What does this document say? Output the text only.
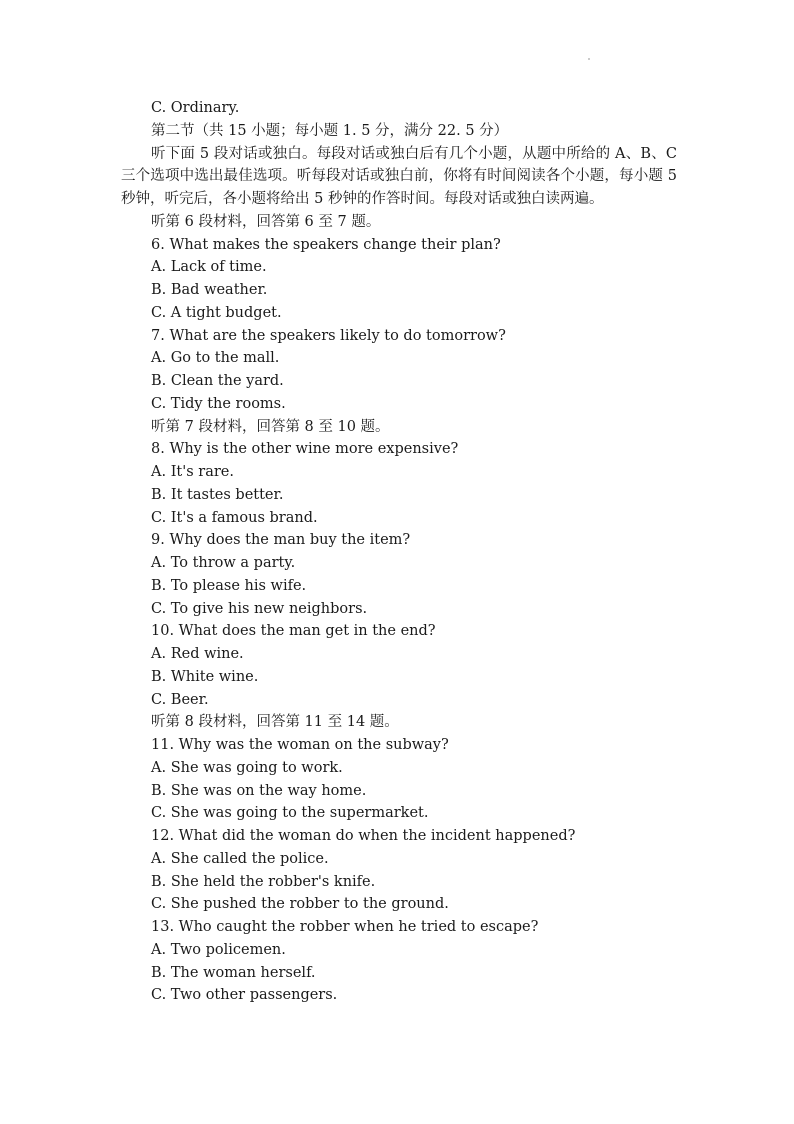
C. Ordinary.
第二节（共 15 小题；每小题 1. 5 分，满分 22. 5 分）

听下面 5 段对话或独白。每段对话或独白后有几个小题，从题中所给的 A、B、C 三个选项中选出最佳选项。听每段对话或独白前，你将有时间阅读各个小题，每小题 5 秒钟，听完后，各小题将给出 5 秒钟的作答时间。每段对话或独白读两遍。

听第 6 段材料，回答第 6 至 7 题。
6. What makes the speakers change their plan?
A. Lack of time.
B. Bad weather.
C. A tight budget.
7. What are the speakers likely to do tomorrow?
A. Go to the mall.
B. Clean the yard.
C. Tidy the rooms.
听第 7 段材料，回答第 8 至 10 题。
8. Why is the other wine more expensive?
A. It's rare.
B. It tastes better.
C. It's a famous brand.
9. Why does the man buy the item?
A. To throw a party.
B. To please his wife.
C. To give his new neighbors.
10. What does the man get in the end?
A. Red wine.
B. White wine.
C. Beer.
听第 8 段材料，回答第 11 至 14 题。
11. Why was the woman on the subway?
A. She was going to work.
B. She was on the way home.
C. She was going to the supermarket.
12. What did the woman do when the incident happened?
A. She called the police.
B. She held the robber's knife.
C. She pushed the robber to the ground.
13. Who caught the robber when he tried to escape?
A. Two policemen.
B. The woman herself.
C. Two other passengers.
